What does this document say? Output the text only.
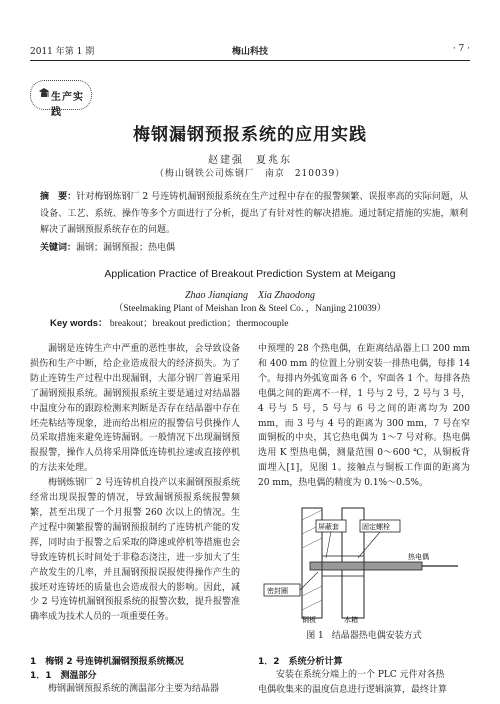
2011 年第 1 期	梅山科技	· 7 ·
生产实践
梅钢漏钢预报系统的应用实践
赵建强　夏兆东
（梅山钢铁公司炼钢厂　南京　210039）
摘　要：针对梅钢炼钢厂 2 号连铸机漏钢预报系统在生产过程中存在的报警频繁、误报率高的实际问题，从设备、工艺、系统、操作等多个方面进行了分析，提出了有针对性的解决措施。通过制定措施的实施，顺利解决了漏钢预报系统存在的问题。
关键词：漏钢；漏钢预报；热电偶
Application Practice of Breakout Prediction System at Meigang
Zhao Jianqiang　Xia Zhaodong
（Steelmaking Plant of Meishan Iron & Steel Co．，Nanjing 210039）
Key words： breakout；breakout prediction；thermocouple

漏钢是连铸生产中严重的恶性事故，会导致设备损伤和生产中断，给企业造成很大的经济损失。为了防止连铸生产过程中出现漏钢，大部分钢厂普遍采用了漏钢预报系统。漏钢预报系统主要是通过对结晶器中温度分布的跟踪检测来判断是否存在结晶器中存在坯壳粘结等现象，进而给出相应的报警信号供操作人员采取措施来避免连铸漏钢。一般情况下出现漏钢预报报警，操作人员将采用降低连铸机拉速或直接停机的方法来处理。

梅钢炼钢厂 2 号连铸机自投产以来漏钢预报系统经常出现误报警的情况，导致漏钢预报系统报警频繁，甚至出现了一个月报警 260 次以上的情况。生产过程中频繁报警的漏钢预报制约了连铸机产能的发挥，同时由于报警之后采取的降速或停机等措施也会导致连铸机长时间处于非稳态浇注，进一步加大了生产故发生的几率，并且漏钢预报误报使得操作产生的拔坯对连铸坯的质量也会造成很大的影响。因此，减少 2 号连铸机漏钢预报系统的报警次数，提升报警准确率成为技术人员的一项重要任务。

中预埋的 28 个热电偶，在距离结晶器上口 200 mm 和 400 mm 的位置上分别安装一排热电偶，每排 14 个。每排内外弧宽面各 6 个，窄面各 1 个。每排各热电偶之间的距离不一样，1 号与 2 号，2 号与 3 号，4 号与 5 号，5 号与 6 号之间的距离均为 200 mm，而 3 号与 4 号的距离为 300 mm，7 号在窄面铜板的中央，其它热电偶为 1～7 号对称。热电偶选用 K 型热电偶，测量范围 0～600 ℃，从铜板背面埋入[1]，见图 1。接触点与铜板工作面的距离为 20 mm，热电偶的精度为 0.1%～0.5%。

屏蔽套	固定螺栓
热电偶
密封圈
铜板	水箱
图 1 结晶器热电偶安装方式
1　梅钢 2 号连铸机漏钢预报系统概况
1．1　测温部分
梅钢漏钢预报系统的测温部分主要为结晶器
1．2　系统分析计算
安装在系统分端上的一个 PLC 元件对各热
电偶收集来的温度信息进行逻辑演算，最终计算
